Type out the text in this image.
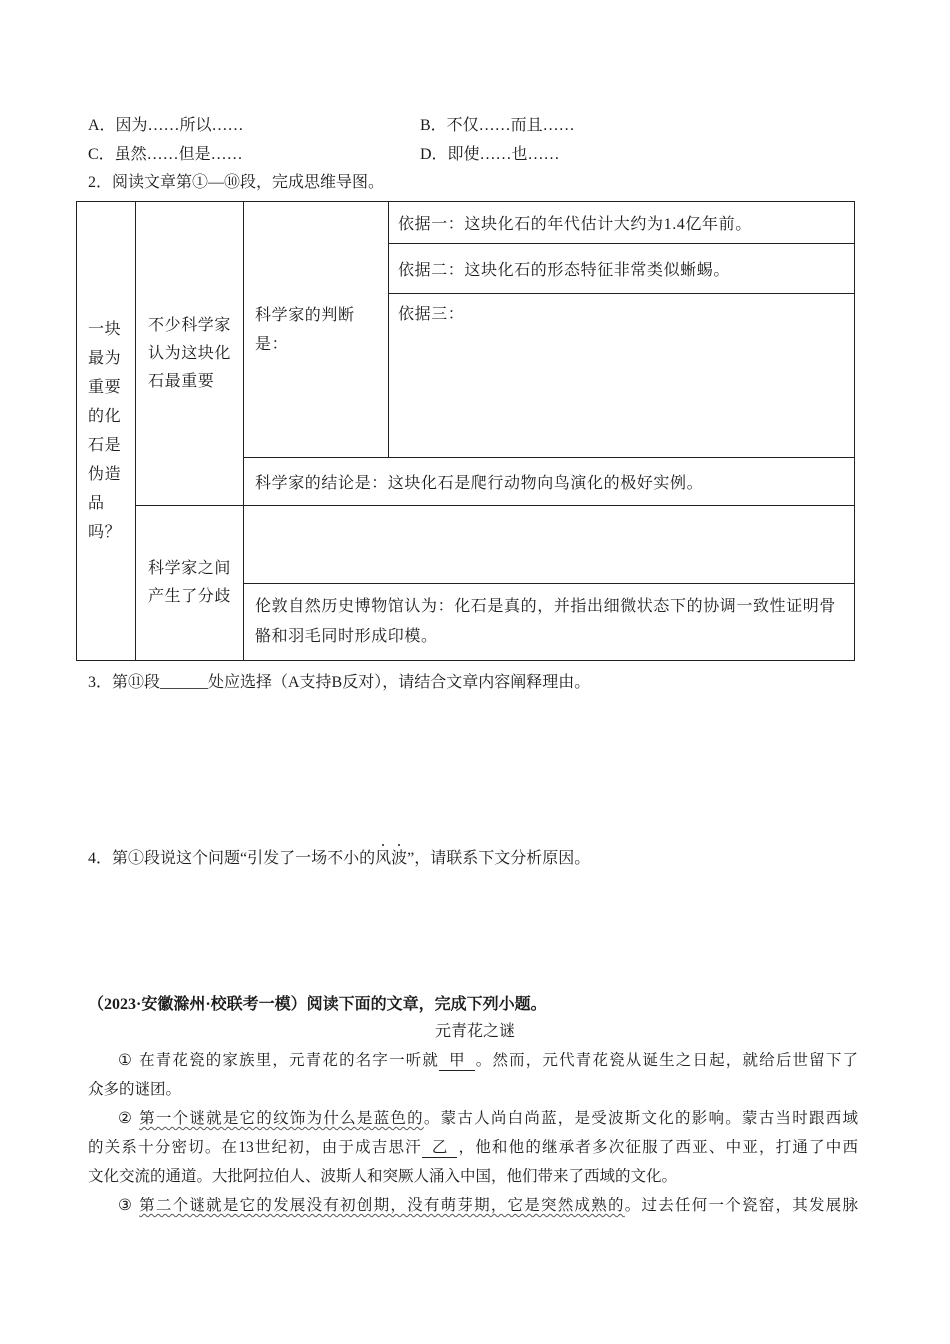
A．因为……所以……	B．不仅……而且……
C．虽然……但是……	D．即使……也……
2．阅读文章第①—⑩段，完成思维导图。
一块最为重要的化石是伪造品吗？
不少科学家认为这块化石最重要
科学家的判断是：
依据一：这块化石的年代估计大约为1.4亿年前。
依据二：这块化石的形态特征非常类似蜥蜴。
依据三：
科学家的结论是：这块化石是爬行动物向鸟演化的极好实例。
科学家之间产生了分歧
伦敦自然历史博物馆认为：化石是真的，并指出细微状态下的协调一致性证明骨骼和羽毛同时形成印模。
3．第⑪段______处应选择（A支持B反对），请结合文章内容阐释理由。
4．第①段说这个问题“引发了一场不小的风波”，请联系下文分析原因。
（2023·安徽滁州·校联考一模）阅读下面的文章，完成下列小题。
元青花之谜
① 在青花瓷的家族里，元青花的名字一听就 甲 。然而，元代青花瓷从诞生之日起，就给后世留下了
众多的谜团。
② 第一个谜就是它的纹饰为什么是蓝色的。蒙古人尚白尚蓝，是受波斯文化的影响。蒙古当时跟西域
的关系十分密切。在13世纪初，由于成吉思汗 乙 ，他和他的继承者多次征服了西亚、中亚，打通了中西
文化交流的通道。大批阿拉伯人、波斯人和突厥人涌入中国，他们带来了西域的文化。
③ 第二个谜就是它的发展没有初创期，没有萌芽期，它是突然成熟的。过去任何一个瓷窑，其发展脉
